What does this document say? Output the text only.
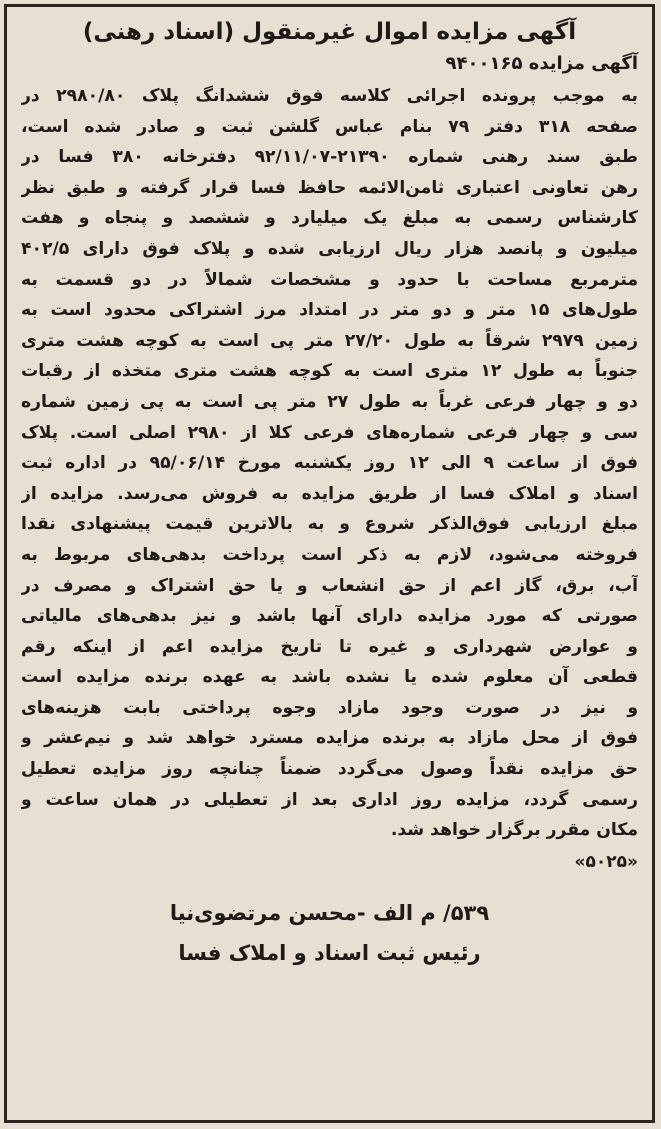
آگهی مزایده اموال غیرمنقول (اسناد رهنی)
آگهی مزایده ۹۴۰۰۱۶۵
به موجب پرونده اجرائی کلاسه فوق ششدانگ پلاک ۲۹۸۰/۸۰ در
صفحه ۳۱۸ دفتر ۷۹ بنام عباس گلشن ثبت و صادر شده است،
طبق سند رهنی شماره ۲۱۳۹۰-۹۲/۱۱/۰۷ دفترخانه ۳۸۰ فسا در
رهن تعاونی اعتباری ثامن‌الائمه حافظ فسا قرار گرفته و طبق نظر
کارشناس رسمی به مبلغ یک میلیارد و ششصد و پنجاه و هفت
میلیون و پانصد هزار ریال ارزیابی شده و پلاک فوق دارای ۴۰۲/۵
مترمربع مساحت با حدود و مشخصات شمالاً در دو قسمت به
طول‌های ۱۵ متر و دو متر در امتداد مرز اشتراکی محدود است به
زمین ۲۹۷۹ شرقاً به طول ۲۷/۲۰ متر پی است به کوچه هشت متری
جنوباً به طول ۱۲ متری است به کوچه هشت متری متخذه از رقبات
دو و چهار فرعی غرباً به طول ۲۷ متر پی است به پی زمین شماره
سی و چهار فرعی شماره‌های فرعی کلا از ۲۹۸۰ اصلی است. پلاک
فوق از ساعت ۹ الی ۱۲ روز یکشنبه مورخ ۹۵/۰۶/۱۴ در اداره ثبت
اسناد و املاک فسا از طریق مزایده به فروش می‌رسد. مزایده از
مبلغ ارزیابی فوق‌الذکر شروع و به بالاترین قیمت پیشنهادی نقدا
فروخته می‌شود، لازم به ذکر است پرداخت بدهی‌های مربوط به
آب، برق، گاز اعم از حق انشعاب و یا حق اشتراک و مصرف در
صورتی که مورد مزایده دارای آنها باشد و نیز بدهی‌های مالیاتی
و عوارض شهرداری و غیره تا تاریخ مزایده اعم از اینکه رقم
قطعی آن معلوم شده یا نشده باشد به عهده برنده مزایده است
و نیز در صورت وجود مازاد وجوه پرداختی بابت هزینه‌های
فوق از محل مازاد به برنده مزایده مسترد خواهد شد و نیم‌عشر و
حق مزایده نقداً وصول می‌گردد ضمناً چنانچه روز مزایده تعطیل
رسمی گردد، مزایده روز اداری بعد از تعطیلی در همان ساعت و
مکان مقرر برگزار خواهد شد.
«۵۰۲۵»
۵۳۹/ م الف -محسن مرتضوی‌نیا
رئیس ثبت اسناد و املاک فسا
